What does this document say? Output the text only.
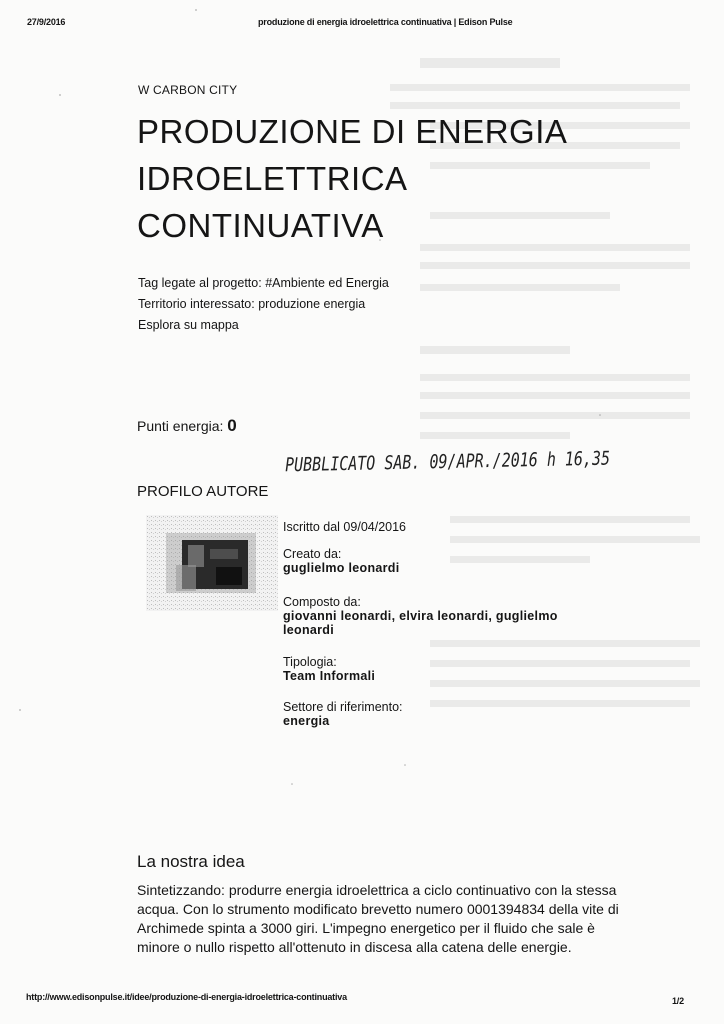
27/9/2016	produzione di energia idroelettrica continuativa | Edison Pulse
W CARBON CITY
PRODUZIONE DI ENERGIA IDROELETTRICA CONTINUATIVA
Tag legate al progetto: #Ambiente ed Energia
Territorio interessato: produzione energia
Esplora su mappa
Punti energia: 0
PUBBLICATO SAB. 09/APR./2016 h 16,35
PROFILO AUTORE
Iscritto dal 09/04/2016
Creato da:
guglielmo leonardi
Composto da:
giovanni leonardi, elvira leonardi, guglielmo leonardi
Tipologia:
Team Informali
Settore di riferimento:
energia
La nostra idea

Sintetizzando: produrre energia idroelettrica a ciclo continuativo con la stessa acqua. Con lo strumento modificato brevetto numero 0001394834 della vite di Archimede spinta a 3000 giri. L'impegno energetico per il fluido che sale è minore o nullo rispetto all'ottenuto in discesa alla catena delle energie.

http://www.edisonpulse.it/idee/produzione-di-energia-idroelettrica-continuativa	1/2
